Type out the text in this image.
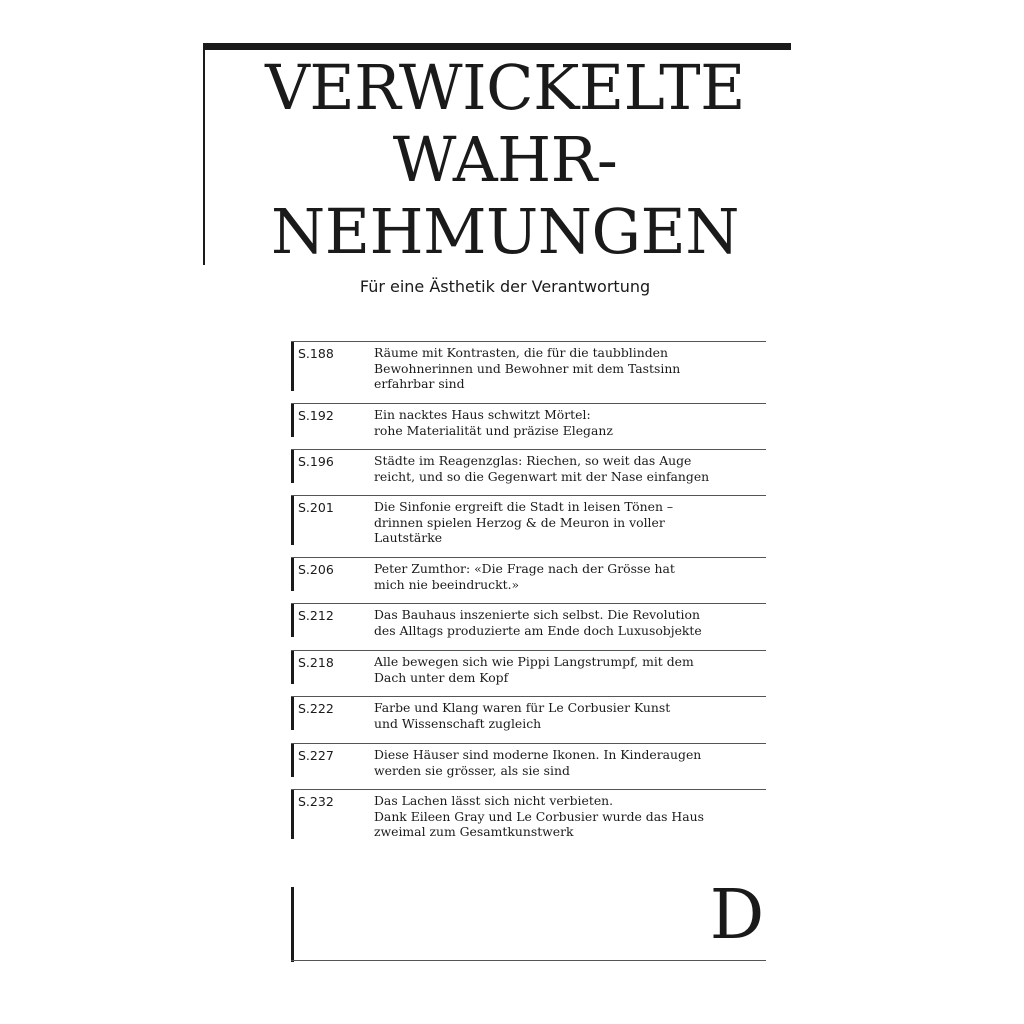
VERWICKELTE
WAHR-
NEHMUNGEN
Für eine Ästhetik der Verantwortung
S.188	Räume mit Kontrasten, die für die taubblinden
Bewohnerinnen und Bewohner mit dem Tastsinn
erfahrbar sind
S.192	Ein nacktes Haus schwitzt Mörtel:
rohe Materialität und präzise Eleganz
S.196	Städte im Reagenzglas: Riechen, so weit das Auge
reicht, und so die Gegenwart mit der Nase einfangen
S.201	Die Sinfonie ergreift die Stadt in leisen Tönen –
drinnen spielen Herzog & de Meuron in voller
Lautstärke
S.206	Peter Zumthor: «Die Frage nach der Grösse hat
mich nie beeindruckt.»
S.212	Das Bauhaus inszenierte sich selbst. Die Revolution
des Alltags produzierte am Ende doch Luxusobjekte
S.218	Alle bewegen sich wie Pippi Langstrumpf, mit dem
Dach unter dem Kopf
S.222	Farbe und Klang waren für Le Corbusier Kunst
und Wissenschaft zugleich
S.227	Diese Häuser sind moderne Ikonen. In Kinderaugen
werden sie grösser, als sie sind
S.232	Das Lachen lässt sich nicht verbieten.
Dank Eileen Gray und Le Corbusier wurde das Haus
zweimal zum Gesamtkunstwerk
D
